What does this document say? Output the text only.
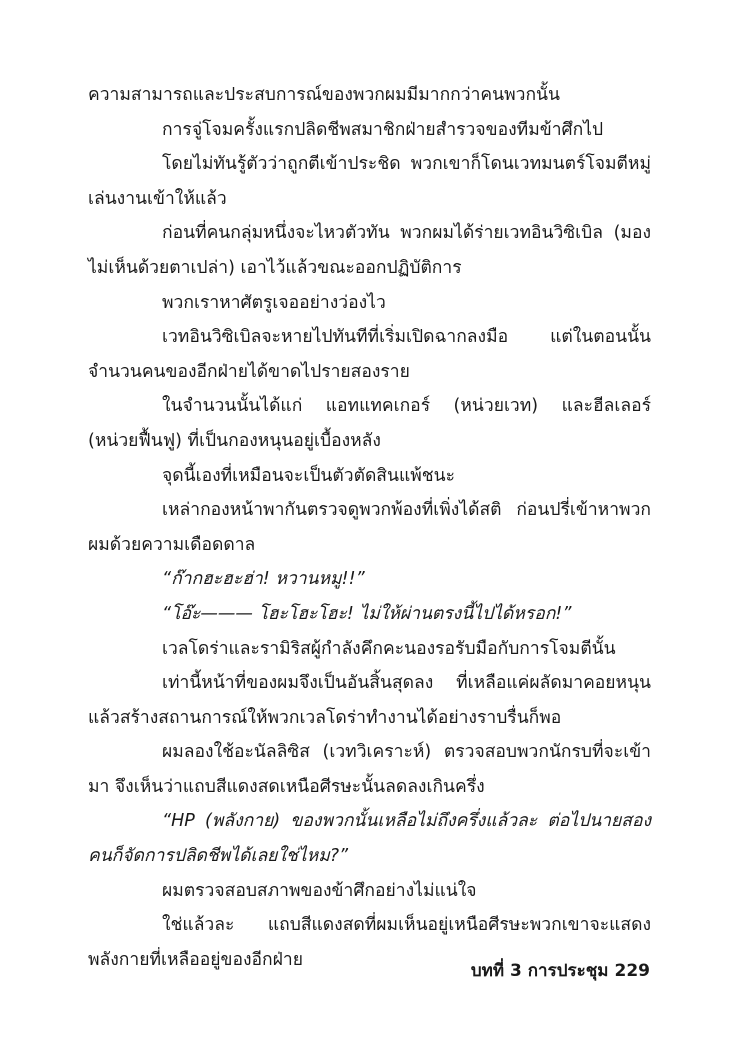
ความสามารถและประสบการณ์ของพวกผมมีมากกว่าคนพวกนั้น

การจู่โจมครั้งแรกปลิดชีพสมาชิกฝ่ายสำรวจของทีมข้าศึกไป

โดยไม่ทันรู้ตัวว่าถูกตีเข้าประชิด พวกเขาก็โดนเวทมนตร์โจมตีหมู่เล่นงานเข้าให้แล้ว

ก่อนที่คนกลุ่มหนึ่งจะไหวตัวทัน พวกผมได้ร่ายเวทอินวิซิเบิล (มองไม่เห็นด้วยตาเปล่า) เอาไว้แล้วขณะออกปฏิบัติการ

พวกเราหาศัตรูเจออย่างว่องไว

เวทอินวิซิเบิลจะหายไปทันทีที่เริ่มเปิดฉากลงมือ แต่ในตอนนั้นจำนวนคนของอีกฝ่ายได้ขาดไปรายสองราย

ในจำนวนนั้นได้แก่ แอทแทคเกอร์ (หน่วยเวท) และฮีลเลอร์ (หน่วยฟื้นฟู) ที่เป็นกองหนุนอยู่เบื้องหลัง

จุดนี้เองที่เหมือนจะเป็นตัวตัดสินแพ้ชนะ

เหล่ากองหน้าพากันตรวจดูพวกพ้องที่เพิ่งได้สติ ก่อนปรี่เข้าหาพวกผมด้วยความเดือดดาล

“ก๊ากฮะฮะฮ่า! หวานหมู!!”

“โอ๊ะ——— โฮะโฮะโฮะ! ไม่ให้ผ่านตรงนี้ไปได้หรอก!”

เวลโดร่าและรามิริสผู้กำลังคึกคะนองรอรับมือกับการโจมตีนั้น

เท่านี้หน้าที่ของผมจึงเป็นอันสิ้นสุดลง ที่เหลือแค่ผลัดมาคอยหนุนแล้วสร้างสถานการณ์ให้พวกเวลโดร่าทำงานได้อย่างราบรื่นก็พอ

ผมลองใช้อะนัลลิซิส (เวทวิเคราะห์) ตรวจสอบพวกนักรบที่จะเข้ามา จึงเห็นว่าแถบสีแดงสดเหนือศีรษะนั้นลดลงเกินครึ่ง

“HP (พลังกาย) ของพวกนั้นเหลือไม่ถึงครึ่งแล้วละ ต่อไปนายสองคนก็จัดการปลิดชีพได้เลยใช่ไหม?”

ผมตรวจสอบสภาพของข้าศึกอย่างไม่แน่ใจ

ใช่แล้วละ แถบสีแดงสดที่ผมเห็นอยู่เหนือศีรษะพวกเขาจะแสดงพลังกายที่เหลืออยู่ของอีกฝ่าย

บทที่ 3 การประชุม 229
